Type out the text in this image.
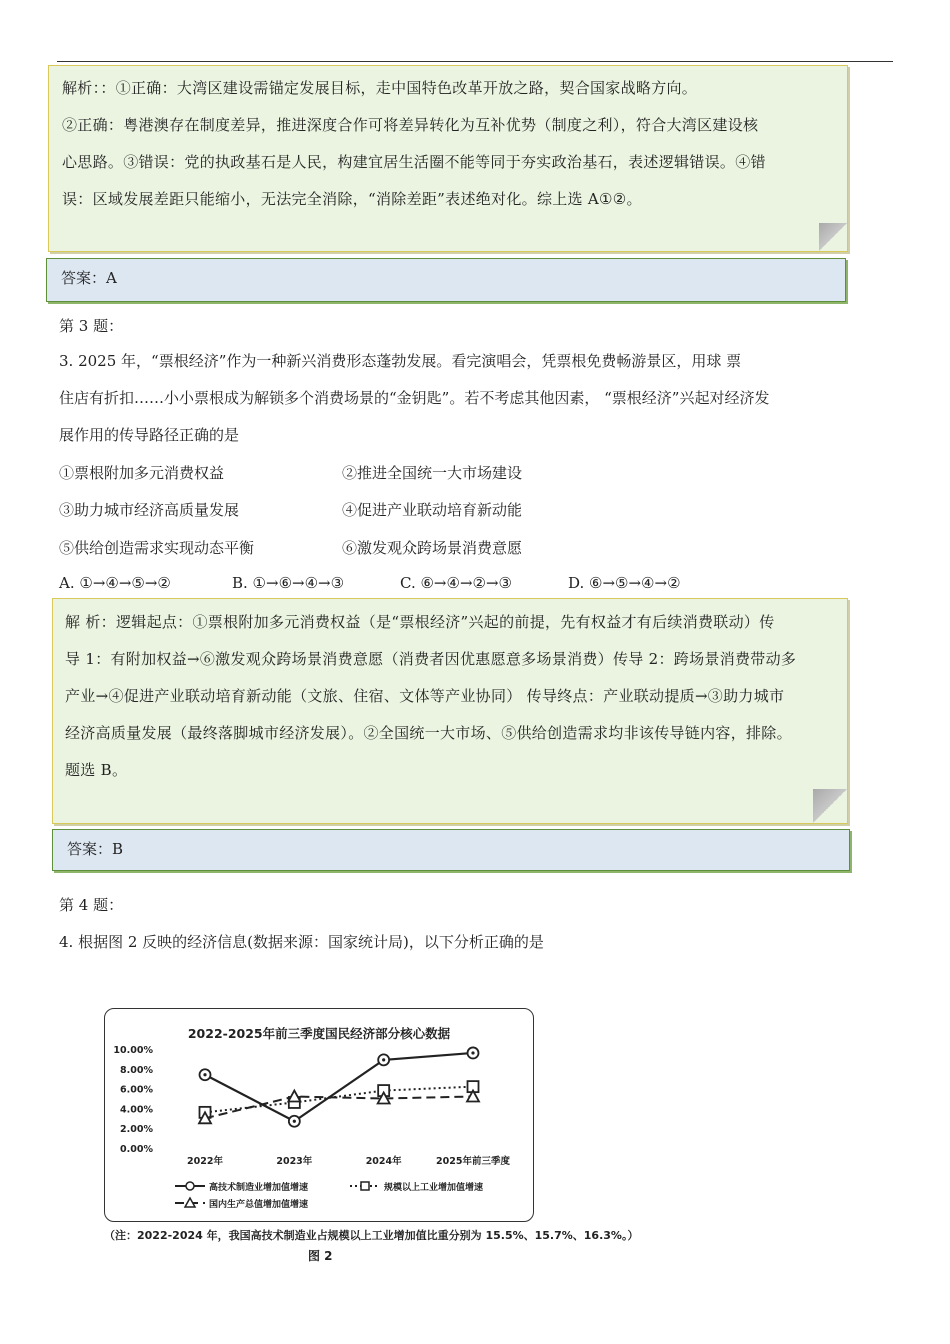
解析：：①正确：大湾区建设需锚定发展目标，走中国特色改革开放之路，契合国家战略方向。

②正确：粤港澳存在制度差异，推进深度合作可将差异转化为互补优势（制度之利），符合大湾区建设核

心思路。③错误：党的执政基石是人民，构建宜居生活圈不能等同于夯实政治基石，表述逻辑错误。④错

误：区域发展差距只能缩小，无法完全消除，“消除差距”表述绝对化。综上选 A①②。

答案：A

第 3 题：
3. 2025 年，“票根经济”作为一种新兴消费形态蓬勃发展。看完演唱会，凭票根免费畅游景区，用球 票
住店有折扣……小小票根成为解锁多个消费场景的“金钥匙”。若不考虑其他因素， “票根经济”兴起对经济发
展作用的传导路径正确的是
①票根附加多元消费权益	②推进全国统一大市场建设
③助力城市经济高质量发展	④促进产业联动培育新动能
⑤供给创造需求实现动态平衡	⑥激发观众跨场景消费意愿
A. ①→④→⑤→②	B. ①→⑥→④→③	C. ⑥→④→②→③	D. ⑥→⑤→④→②

解 析：逻辑起点：①票根附加多元消费权益（是“票根经济”兴起的前提，先有权益才有后续消费联动）传

导 1：有附加权益→⑥激发观众跨场景消费意愿（消费者因优惠愿意多场景消费）传导 2：跨场景消费带动多

产业→④促进产业联动培育新动能（文旅、住宿、文体等产业协同） 传导终点：产业联动提质→③助力城市

经济高质量发展（最终落脚城市经济发展）。②全国统一大市场、⑤供给创造需求均非该传导链内容，排除。

题选 B。

答案：B

第 4 题：
4. 根据图 2 反映的经济信息(数据来源：国家统计局)，以下分析正确的是
2022-2025年前三季度国民经济部分核心数据
10.00%
8.00%
6.00%
4.00%
2.00%
0.00%
2022年	2023年	2024年	2025年前三季度
高技术制造业增加值增速	规模以上工业增加值增速
国内生产总值增加值增速
（注：2022-2024 年，我国高技术制造业占规模以上工业增加值比重分别为 15.5%、15.7%、16.3%。）
图 2
